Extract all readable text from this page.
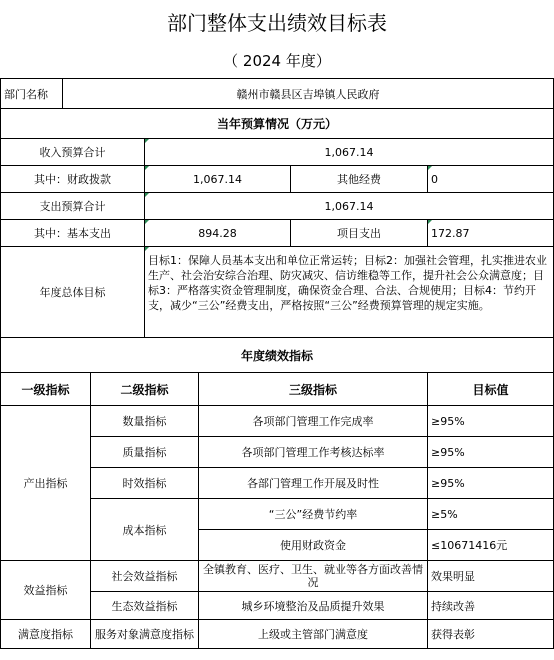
部门整体支出绩效目标表
（ 2024 年度）
部门名称	赣州市赣县区吉埠镇人民政府					
当年预算情况（万元）						
收入预算合计			1,067.14			
其中：财政拨款			1,067.14		其他经费	0
支出预算合计			1,067.14			
其中：基本支出			894.28		项目支出	172.87
年度总体目标			目标1：保障人员基本支出和单位正常运转；目标2：加强社会管理，扎实推进农业生产、社会治安综合治理、防灾减灾、信访维稳等工作，提升社会公众满意度；目标3：严格落实资金管理制度，确保资金合理、合法、合规使用；目标4：节约开支，减少“三公”经费支出，严格按照“三公”经费预算管理的规定实施。			
年度绩效指标						
一级指标		二级指标		三级指标		目标值
产出指标		数量指标		各项部门管理工作完成率		≥95%
		质量指标		各项部门管理工作考核达标率		≥95%
		时效指标		各部门管理工作开展及时性		≥95%
		成本指标		“三公”经费节约率		≥5%
				使用财政资金		≤10671416元
效益指标		社会效益指标		全镇教育、医疗、卫生、就业等各方面改善情况		效果明显
		生态效益指标		城乡环境整治及品质提升效果		持续改善
满意度指标		服务对象满意度指标		上级或主管部门满意度		获得表彰
